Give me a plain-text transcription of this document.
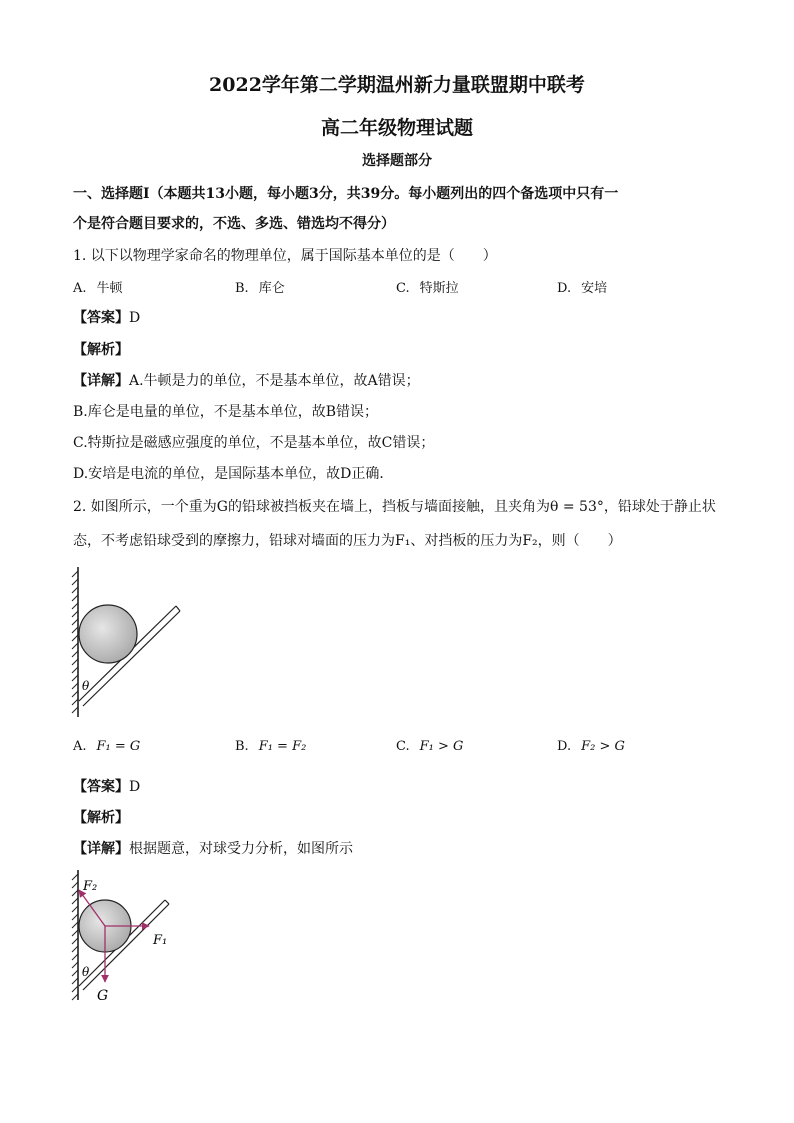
2022学年第二学期温州新力量联盟期中联考
高二年级物理试题
选择题部分
一、选择题Ⅰ（本题共13小题，每小题3分，共39分。每小题列出的四个备选项中只有一
个是符合题目要求的，不选、多选、错选均不得分）
1. 以下以物理学家命名的物理单位，属于国际基本单位的是（　　）
A. 牛顿	B. 库仑	C. 特斯拉	D. 安培
【答案】D
【解析】
【详解】A.牛顿是力的单位，不是基本单位，故A错误；
B.库仑是电量的单位，不是基本单位，故B错误；
C.特斯拉是磁感应强度的单位，不是基本单位，故C错误；
D.安培是电流的单位，是国际基本单位，故D正确．
2. 如图所示，一个重为G的铅球被挡板夹在墙上，挡板与墙面接触，且夹角为θ = 53°，铅球处于静止状
态，不考虑铅球受到的摩擦力，铅球对墙面的压力为F₁、对挡板的压力为F₂，则（　　）
θ
A. F₁ = G	B. F₁ = F₂	C. F₁ > G	D. F₂ > G
【答案】D
【解析】
【详解】根据题意，对球受力分析，如图所示
F₂
F₁
θ
G
